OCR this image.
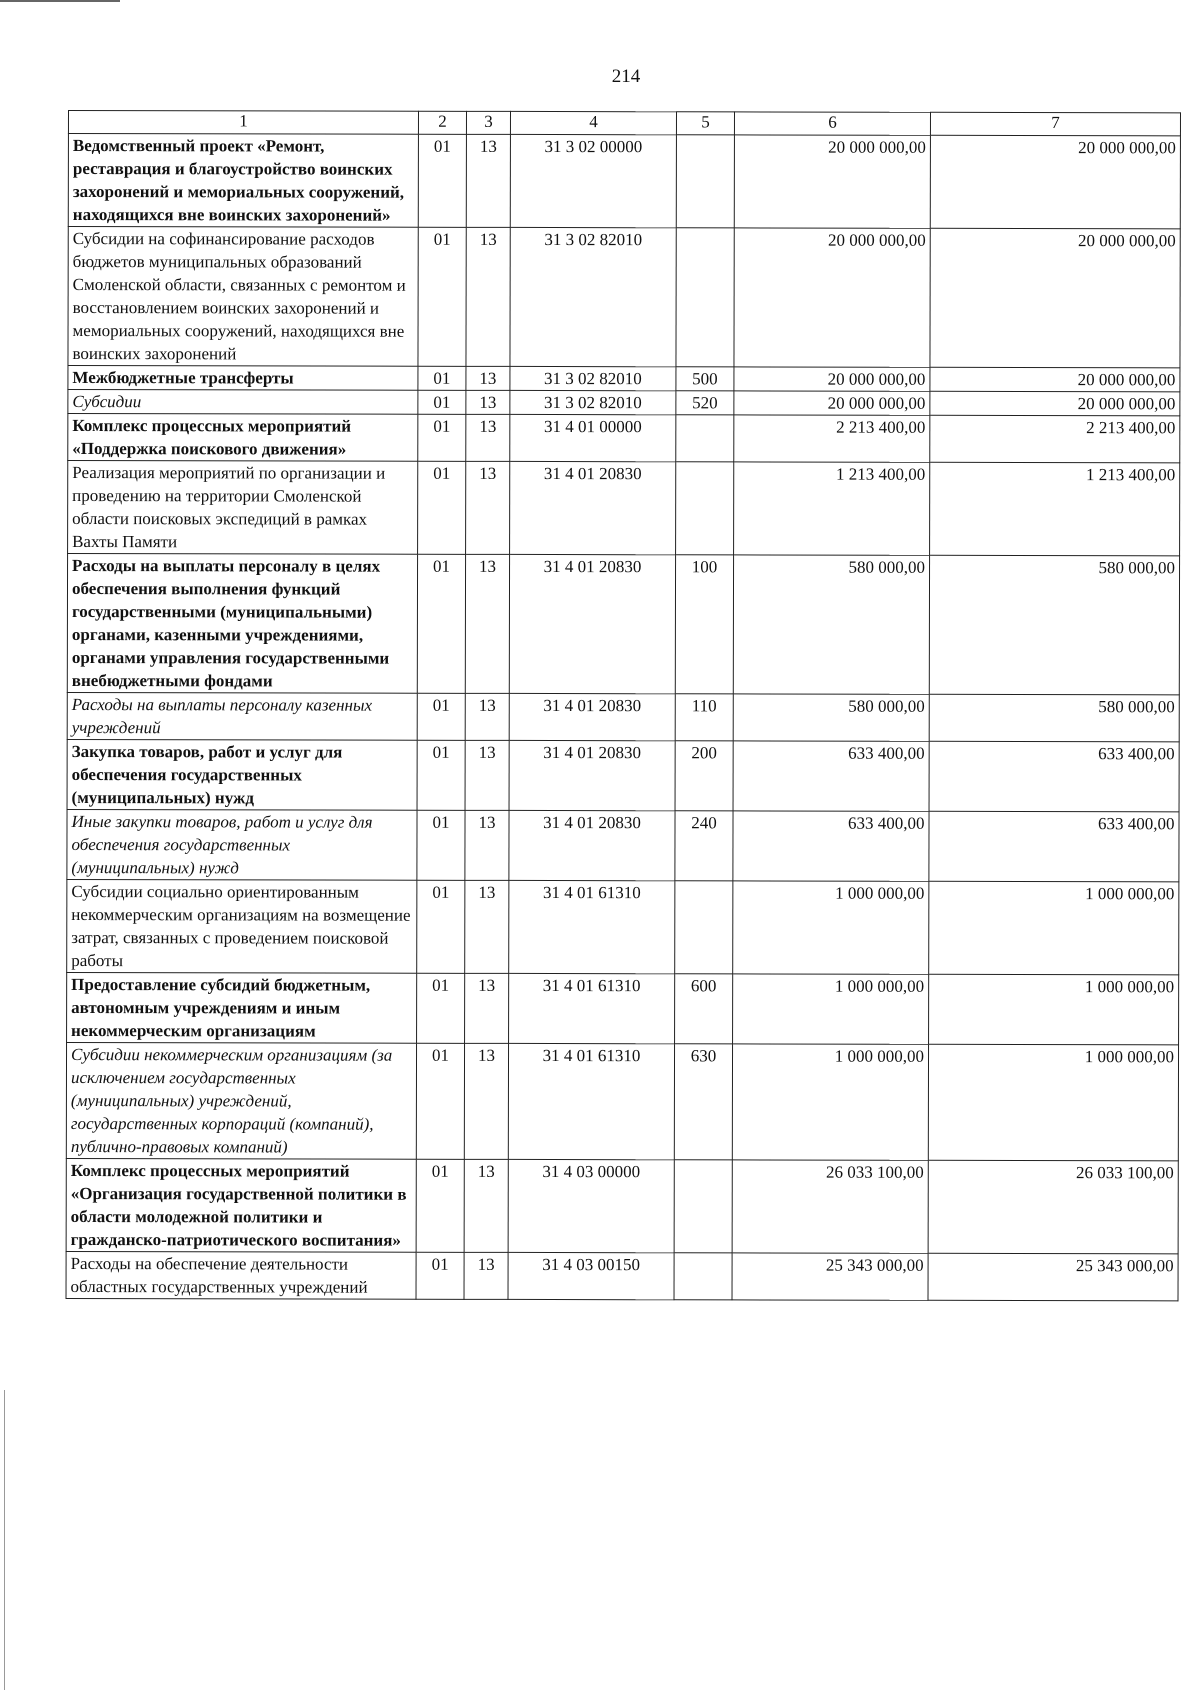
214
1	2	3	4	5	6	7
Ведомственный проект «Ремонт, реставрация и благоустройство воинских захоронений и мемориальных сооружений, находящихся вне воинских захоронений»	01	13	31 3 02 00000		20 000 000,00	20 000 000,00
Субсидии на софинансирование расходов бюджетов муниципальных образований Смоленской области, связанных с ремонтом и восстановлением воинских захоронений и мемориальных сооружений, находящихся вне воинских захоронений	01	13	31 3 02 82010		20 000 000,00	20 000 000,00
Межбюджетные трансферты	01	13	31 3 02 82010	500	20 000 000,00	20 000 000,00
Субсидии	01	13	31 3 02 82010	520	20 000 000,00	20 000 000,00
Комплекс процессных мероприятий «Поддержка поискового движения»	01	13	31 4 01 00000		2 213 400,00	2 213 400,00
Реализация мероприятий по организации и проведению на территории Смоленской области поисковых экспедиций в рамках Вахты Памяти	01	13	31 4 01 20830		1 213 400,00	1 213 400,00
Расходы на выплаты персоналу в целях обеспечения выполнения функций государственными (муниципальными) органами, казенными учреждениями, органами управления государственными внебюджетными фондами	01	13	31 4 01 20830	100	580 000,00	580 000,00
Расходы на выплаты персоналу казенных учреждений	01	13	31 4 01 20830	110	580 000,00	580 000,00
Закупка товаров, работ и услуг для обеспечения государственных (муниципальных) нужд	01	13	31 4 01 20830	200	633 400,00	633 400,00
Иные закупки товаров, работ и услуг для обеспечения государственных (муниципальных) нужд	01	13	31 4 01 20830	240	633 400,00	633 400,00
Субсидии социально ориентированным некоммерческим организациям на возмещение затрат, связанных с проведением поисковой работы	01	13	31 4 01 61310		1 000 000,00	1 000 000,00
Предоставление субсидий бюджетным, автономным учреждениям и иным некоммерческим организациям	01	13	31 4 01 61310	600	1 000 000,00	1 000 000,00
Субсидии некоммерческим организациям (за исключением государственных (муниципальных) учреждений, государственных корпораций (компаний), публично-правовых компаний)	01	13	31 4 01 61310	630	1 000 000,00	1 000 000,00
Комплекс процессных мероприятий «Организация государственной политики в области молодежной политики и гражданско-патриотического воспитания»	01	13	31 4 03 00000		26 033 100,00	26 033 100,00
Расходы на обеспечение деятельности областных государственных учреждений	01	13	31 4 03 00150		25 343 000,00	25 343 000,00
